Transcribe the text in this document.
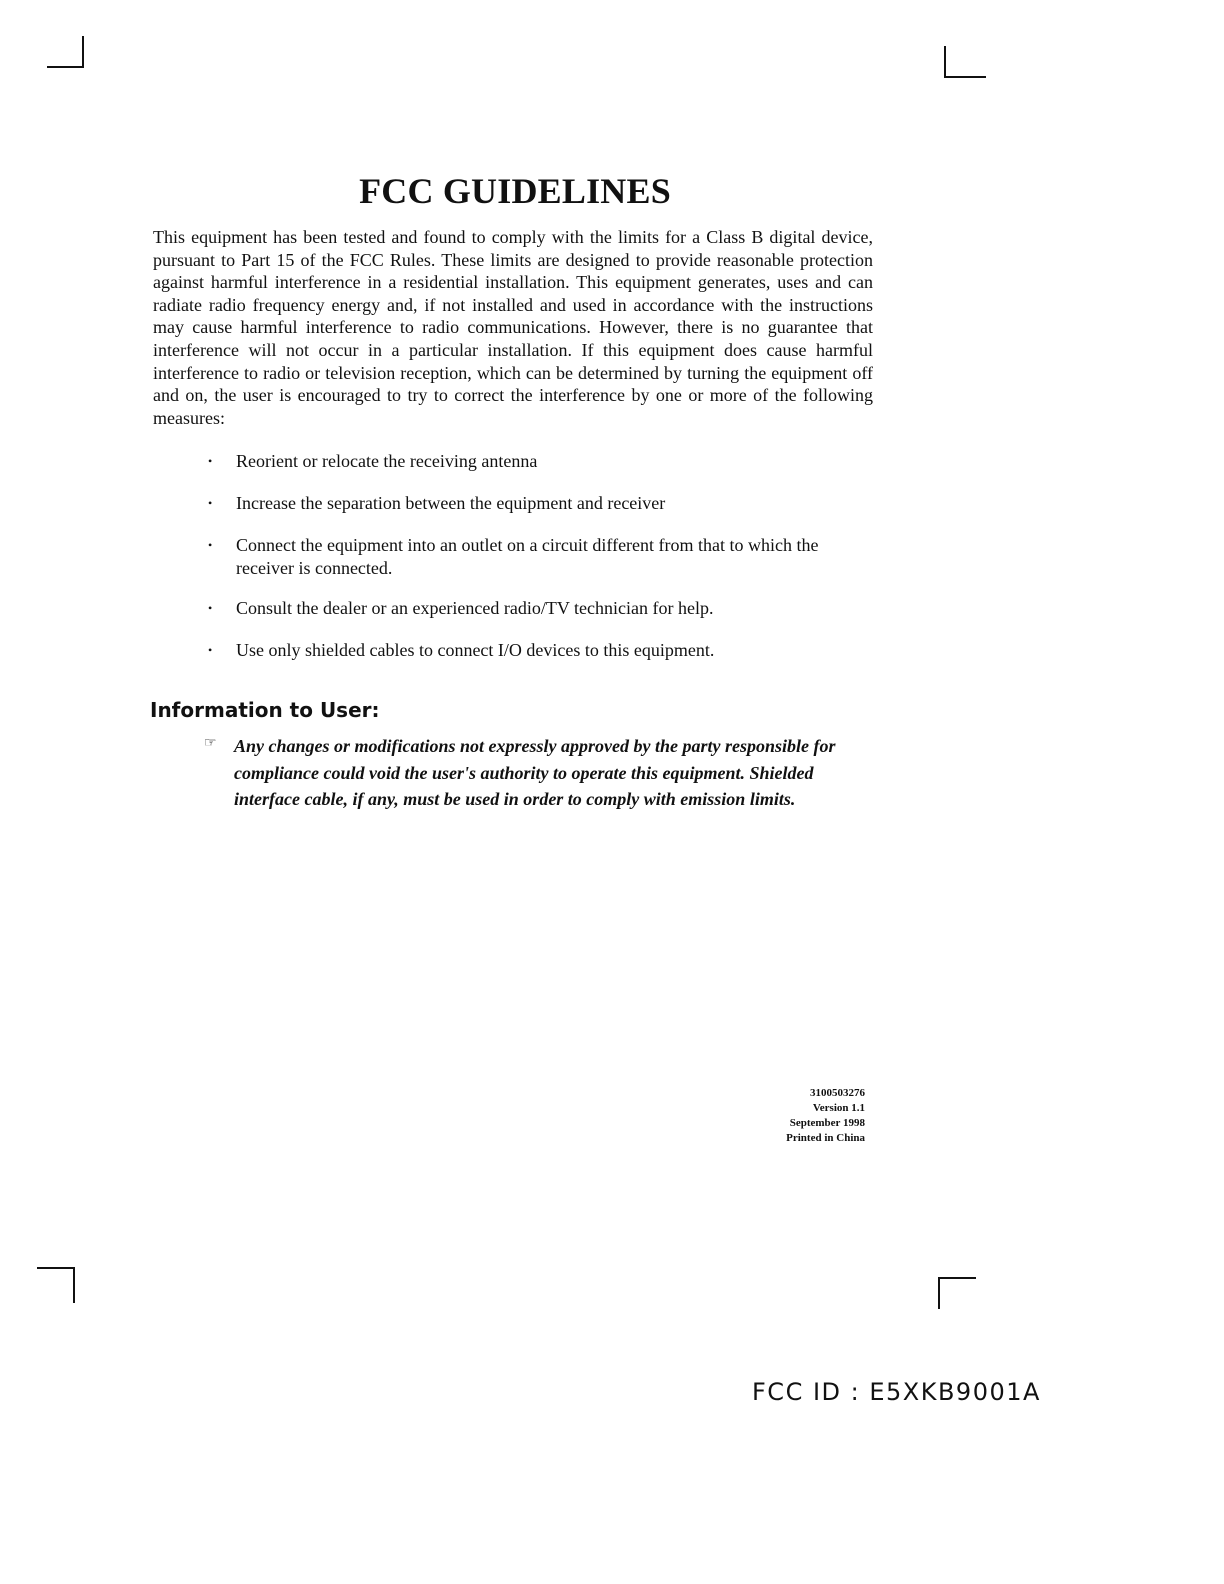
FCC GUIDELINES

This equipment has been tested and found to comply with the limits for a Class B digital device, pursuant to Part 15 of the FCC Rules. These limits are designed to provide reasonable protection against harmful interference in a residential installation. This equipment generates, uses and can radiate radio frequency energy and, if not installed and used in accordance with the instructions may cause harmful interference to radio communications. However, there is no guarantee that interference will not occur in a particular installation. If this equipment does cause harmful interference to radio or television reception, which can be determined by turning the equipment off and on, the user is encouraged to try to correct the interference by one or more of the following measures:

• Reorient or relocate the receiving antenna
• Increase the separation between the equipment and receiver
• Connect the equipment into an outlet on a circuit different from that to which the receiver is connected.
• Consult the dealer or an experienced radio/TV technician for help.
• Use only shielded cables to connect I/O devices to this equipment.
Information to User:
☞ Any changes or modifications not expressly approved by the party responsible for compliance could void the user's authority to operate this equipment. Shielded interface cable, if any, must be used in order to comply with emission limits.

3100503276
Version 1.1
September 1998
Printed in China
FCC ID : E5XKB9001A
